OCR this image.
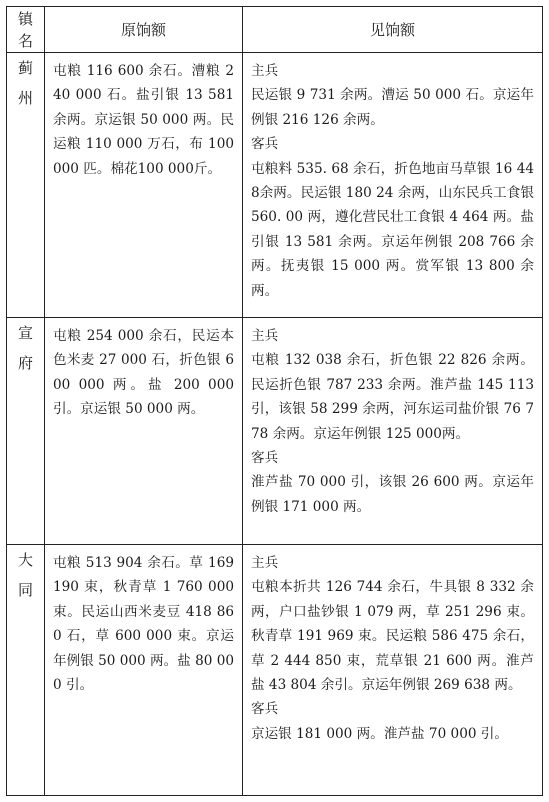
镇名	原饷额	见饷额
蓟州	屯粮 116 600 余石。漕粮 240 000 石。盐引银 13 581 余两。京运银 50 000 两。民运粮 110 000 万石，布 100 000 匹。棉花100 000斤。	主兵

民运银 9 731 余两。漕运 50 000 石。京运年例银 216 126 余两。

客兵

屯粮料 535. 68 余石，折色地亩马草银 16 448余两。民运银 180 24 余两，山东民兵工食银 560. 00 两，遵化营民壮工食银 4 464 两。盐引银 13 581 余两。京运年例银 208 766 余两。抚夷银 15 000 两。赏军银 13 800 余两。

宣府	屯粮 254 000 余石，民运本色米麦 27 000 石，折色银 600 000 两。盐 200 000 引。京运银 50 000 两。	主兵

屯粮 132 038 余石，折色银 22 826 余两。民运折色银 787 233 余两。淮芦盐 145 113引，该银 58 299 余两，河东运司盐价银 76 778 余两。京运年例银 125 000两。

客兵

淮芦盐 70 000 引，该银 26 600 两。京运年例银 171 000 两。

大同	屯粮 513 904 余石。草 169 190 束，秋青草 1 760 000束。民运山西米麦豆 418 860 石，草 600 000 束。京运年例银 50 000 两。盐 80 000 引。	主兵

屯粮本折共 126 744 余石，牛具银 8 332 余两，户口盐钞银 1 079 两，草 251 296 束。秋青草 191 969 束。民运粮 586 475 余石，草 2 444 850 束，荒草银 21 600 两。淮芦盐 43 804 余引。京运年例银 269 638 两。

客兵

京运银 181 000 两。淮芦盐 70 000 引。
